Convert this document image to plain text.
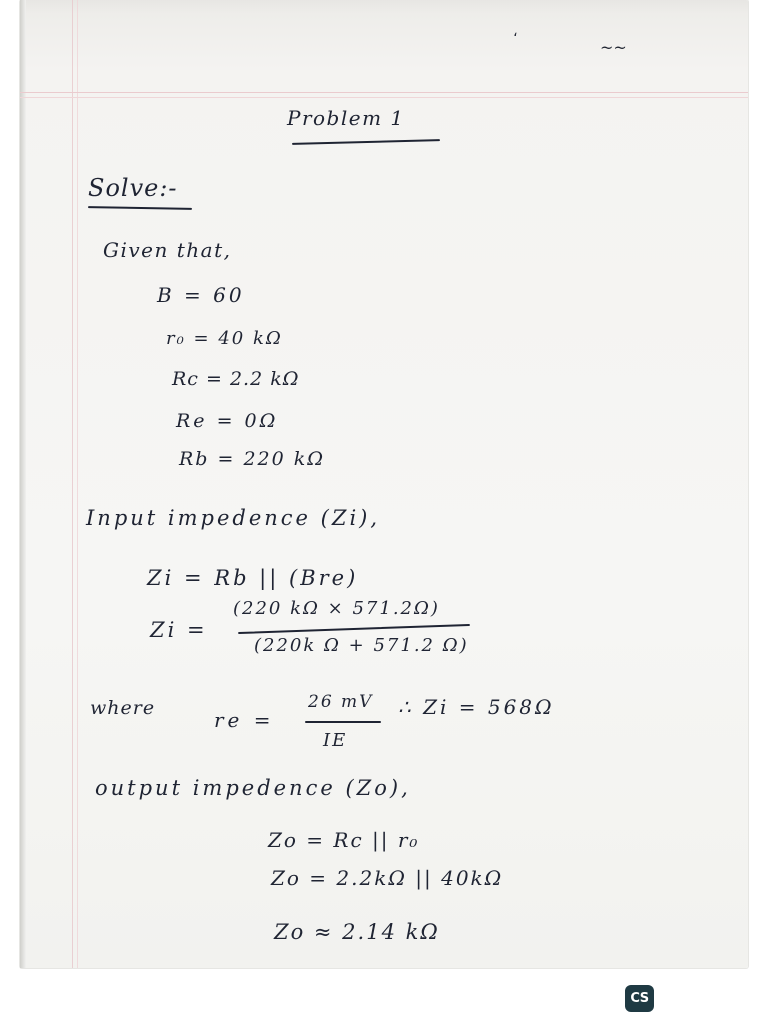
،
~~
Problem 1
Solve:-
Given that,
B = 60
r₀ = 40 kΩ
Rc = 2.2 kΩ
Re = 0Ω
Rb = 220 kΩ
Input impedence (Zi),
Zi = Rb || (Bre)
Zi =
(220 kΩ × 571.2Ω)
(220k Ω + 571.2 Ω)
where	re =
26 mV
IE
∴ Zi = 568Ω
output impedence (Zo),
Zo = Rc || r₀
Zo = 2.2kΩ || 40kΩ
Zo ≈ 2.14 kΩ
CS
